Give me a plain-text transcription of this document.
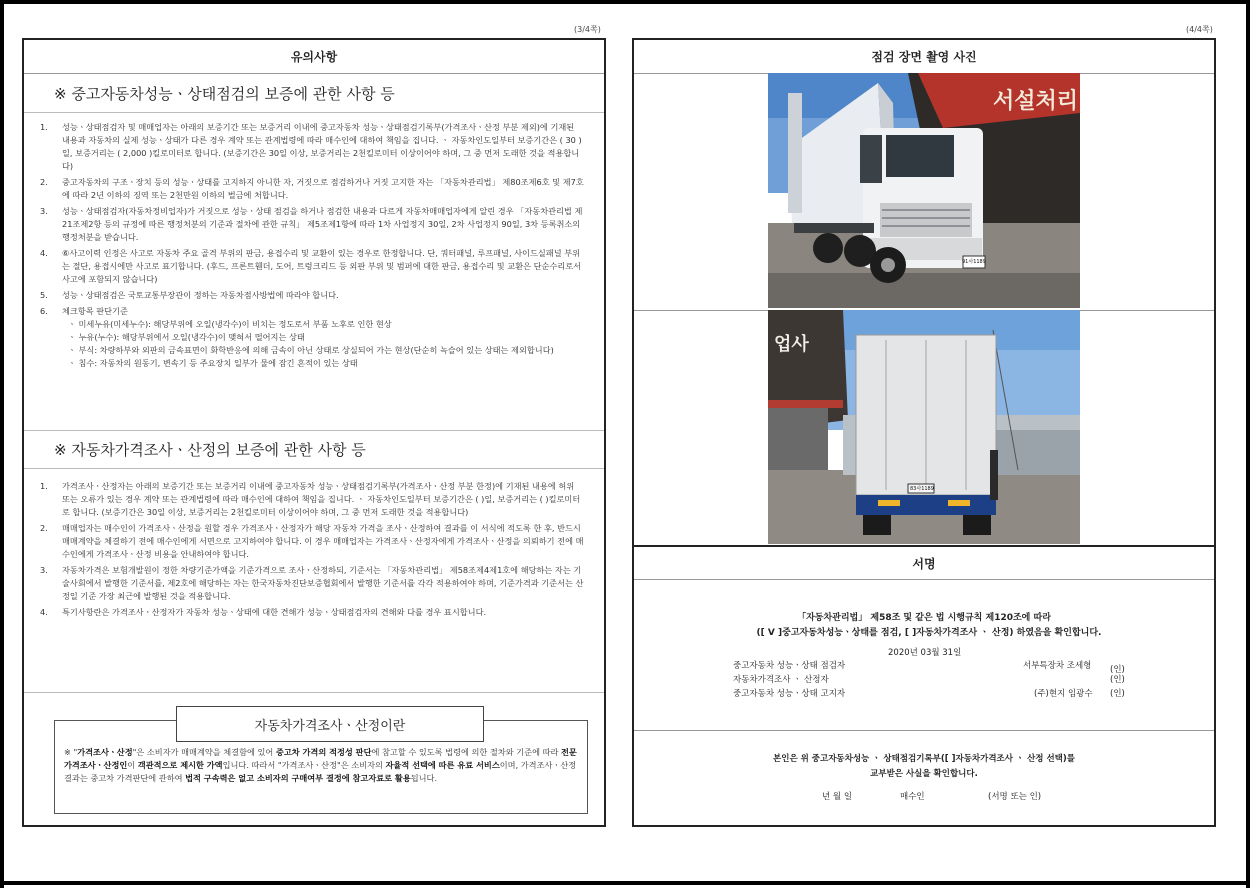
(3/4쪽)
유의사항
※ 중고자동차성능ㆍ상태점검의 보증에 관한 사항 등
1. 성능ㆍ상태점검자 및 매매업자는 아래의 보증기간 또는 보증거리 이내에 중고자동차 성능ㆍ상태점검기록부(가격조사ㆍ산정 부분 제외)에 기재된 내용과 자동차의 실제 성능ㆍ상태가 다른 경우 계약 또는 관계법령에 따라 매수인에 대하여 책임을 집니다. ㆍ 자동차인도일부터 보증기간은 ( 30 )일, 보증거리는 ( 2,000 )킬로미터로 합니다. (보증기간은 30일 이상, 보증거리는 2천킬로미터 이상이어야 하며, 그 중 먼저 도래한 것을 적용합니다)
2. 중고자동차의 구조ㆍ장치 등의 성능ㆍ상태를 고지하지 아니한 자, 거짓으로 점검하거나 거짓 고지한 자는 「자동차관리법」 제80조제6호 및 제7호에 따라 2년 이하의 징역 또는 2천만원 이하의 벌금에 처합니다.
3. 성능ㆍ상태점검자(자동차정비업자)가 거짓으로 성능ㆍ상태 점검을 하거나 점검한 내용과 다르게 자동차매매업자에게 알린 경우 「자동차관리법 제21조제2항 등의 규정에 따른 행정처분의 기준과 절차에 관한 규칙」 제5조제1항에 따라 1차 사업정지 30일, 2차 사업정지 90일, 3차 등록취소의 행정처분을 받습니다.
4. ⑥사고이력 인정은 사고로 자동차 주요 골격 부위의 판금, 용접수리 및 교환이 있는 경우로 한정합니다. 단, 쿼터패널, 루프패널, 사이드실패널 부위는 절단, 용접시에만 사고로 표기합니다. (후드, 프론트휀더, 도어, 트렁크리드 등 외판 부위 및 범퍼에 대한 판금, 용접수리 및 교환은 단순수리로서 사고에 포함되지 않습니다)
5. 성능ㆍ상태점검은 국토교통부장관이 정하는 자동차점사방법에 따라야 합니다.
6. 체크항목 판단기준
ㆍ 미세누유(미세누수): 해당부위에 오일(냉각수)이 비치는 정도로서 부품 노후로 인한 현상
ㆍ 누유(누수): 해당부위에서 오일(냉각수)이 맺혀서 떨어지는 상태
ㆍ 부식: 차량하부와 외판의 금속표면이 화학반응에 의해 금속이 아닌 상태로 상실되어 가는 현상(단순히 녹슬어 있는 상태는 제외합니다)
ㆍ 침수: 자동차의 원동기, 변속기 등 주요장치 일부가 물에 잠긴 흔적이 있는 상태
※ 자동차가격조사ㆍ산정의 보증에 관한 사항 등
1. 가격조사ㆍ산정자는 아래의 보증기간 또는 보증거리 이내에 중고자동차 성능ㆍ상태점검기록부(가격조사ㆍ산정 부분 한정)에 기재된 내용에 허위 또는 오류가 있는 경우 계약 또는 관계법령에 따라 매수인에 대하여 책임을 집니다. ㆍ 자동차인도일부터 보증기간은 ( )일, 보증거리는 ( )킬로미터로 합니다. (보증기간은 30일 이상, 보증거리는 2천킬로미터 이상이어야 하며, 그 중 먼저 도래한 것을 적용합니다)
2. 매매업자는 매수인이 가격조사ㆍ산정을 원할 경우 가격조사ㆍ산정자가 해당 자동차 가격을 조사ㆍ산정하여 결과를 이 서식에 적도록 한 후, 반드시 매매계약을 체결하기 전에 매수인에게 서면으로 고지하여야 합니다. 이 경우 매매업자는 가격조사ㆍ산정자에게 가격조사ㆍ산정을 의뢰하기 전에 매수인에게 가격조사ㆍ산정 비용을 안내하여야 합니다.
3. 자동차가격은 보험개발원이 정한 차량기준가액을 기준가격으로 조사ㆍ산정하되, 기준서는 「자동차관리법」 제58조제4제1호에 해당하는 자는 기술사회에서 발행한 기준서를, 제2호에 해당하는 자는 한국자동차진단보증협회에서 발행한 기준서를 각각 적용하여야 하며, 기준가격과 기준서는 산정일 기준 가장 최근에 발행된 것을 적용합니다.
4. 특기사항란은 가격조사ㆍ산정자가 자동차 성능ㆍ상태에 대한 견해가 성능ㆍ상태점검자의 견해와 다를 경우 표시합니다.
자동차가격조사ㆍ산정이란
※ "가격조사ㆍ산정"은 소비자가 매매계약을 체결함에 있어 중고차 가격의 적정성 판단에 참고할 수 있도록 법령에 의한 절차와 기준에 따라 전문 가격조사ㆍ산정인이 객관적으로 제시한 가액입니다. 따라서 "가격조사ㆍ산정"은 소비자의 자율적 선택에 따른 유료 서비스이며, 가격조사ㆍ산정 결과는 중고차 가격판단에 관하여 법적 구속력은 없고 소비자의 구매여부 결정에 참고자료로 활용됩니다.
(4/4쪽)
점검 장면 촬영 사진
서명
서설처리
91사1189
업사
83사1189
「자동차관리법」 제58조 및 같은 법 시행규칙 제120조에 따라
([ V ]중고자동차성능ㆍ상태를 점검, [ ]자동차가격조사 ㆍ 산정) 하였음을 확인합니다.
2020년 03월 31일
중고자동차 성능ㆍ상태 점검자	서부특장차 조세형 (인)
자동차가격조사 ㆍ 산정자	(인)
중고자동차 성능ㆍ상태 고지자	(주)현지 임광수 (인)
본인은 위 중고자동차성능 ㆍ 상태점검기록부([ ]자동차가격조사 ㆍ 산정 선택)를
교부받은 사실을 확인합니다.
년 월 일	매수인	(서명 또는 인)
